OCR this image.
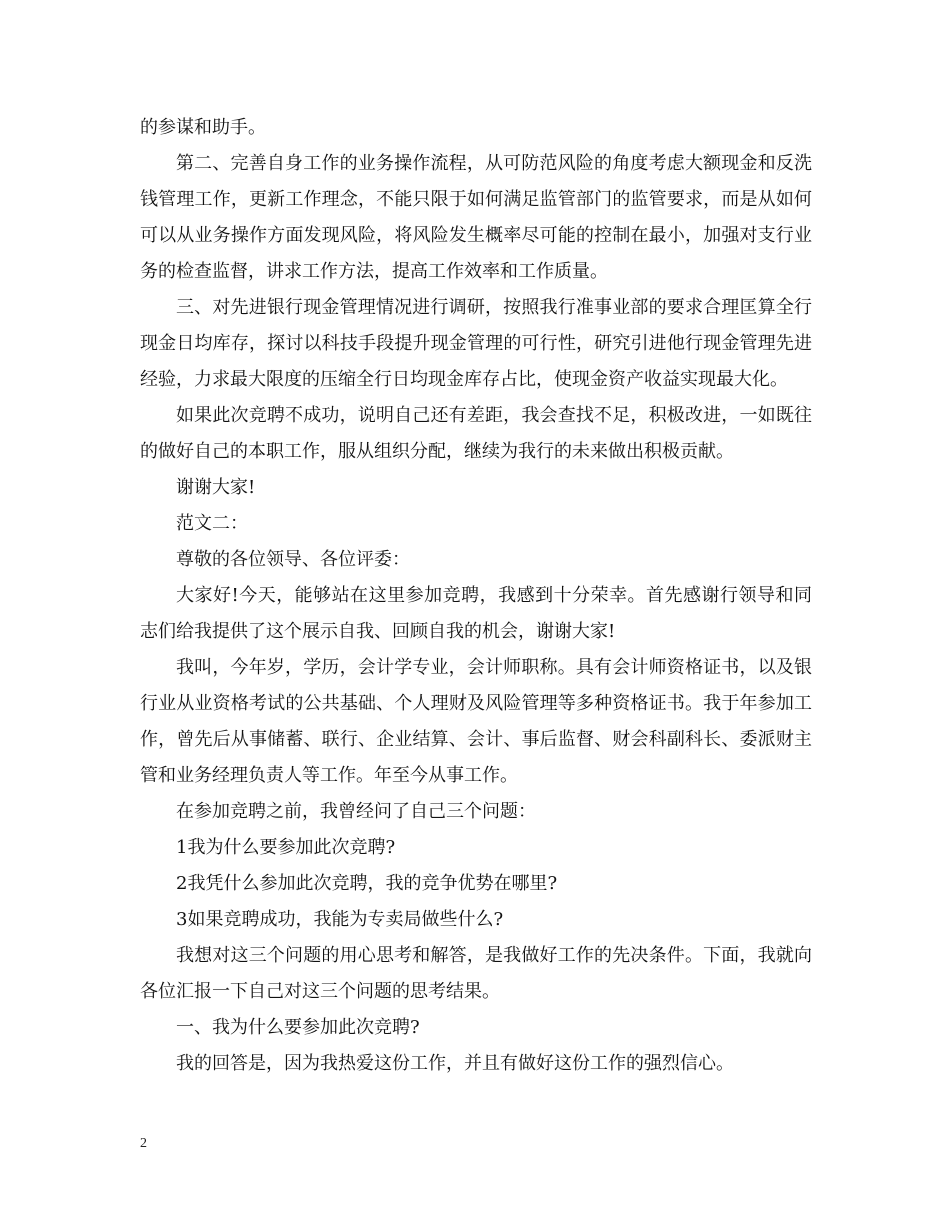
的参谋和助手。

第二、完善自身工作的业务操作流程，从可防范风险的角度考虑大额现金和反洗钱管理工作，更新工作理念，不能只限于如何满足监管部门的监管要求，而是从如何可以从业务操作方面发现风险，将风险发生概率尽可能的控制在最小，加强对支行业务的检查监督，讲求工作方法，提高工作效率和工作质量。

三、对先进银行现金管理情况进行调研，按照我行准事业部的要求合理匡算全行现金日均库存，探讨以科技手段提升现金管理的可行性，研究引进他行现金管理先进经验，力求最大限度的压缩全行日均现金库存占比，使现金资产收益实现最大化。

如果此次竞聘不成功，说明自己还有差距，我会查找不足，积极改进，一如既往的做好自己的本职工作，服从组织分配，继续为我行的未来做出积极贡献。

谢谢大家!

范文二：

尊敬的各位领导、各位评委：

大家好!今天，能够站在这里参加竞聘，我感到十分荣幸。首先感谢行领导和同志们给我提供了这个展示自我、回顾自我的机会，谢谢大家!

我叫，今年岁，学历，会计学专业，会计师职称。具有会计师资格证书，以及银行业从业资格考试的公共基础、个人理财及风险管理等多种资格证书。我于年参加工作，曾先后从事储蓄、联行、企业结算、会计、事后监督、财会科副科长、委派财主管和业务经理负责人等工作。年至今从事工作。

在参加竞聘之前，我曾经问了自己三个问题：

1我为什么要参加此次竞聘?

2我凭什么参加此次竞聘，我的竞争优势在哪里?

3如果竞聘成功，我能为专卖局做些什么?

我想对这三个问题的用心思考和解答，是我做好工作的先决条件。下面，我就向各位汇报一下自己对这三个问题的思考结果。

一、我为什么要参加此次竞聘?

我的回答是，因为我热爱这份工作，并且有做好这份工作的强烈信心。

2
